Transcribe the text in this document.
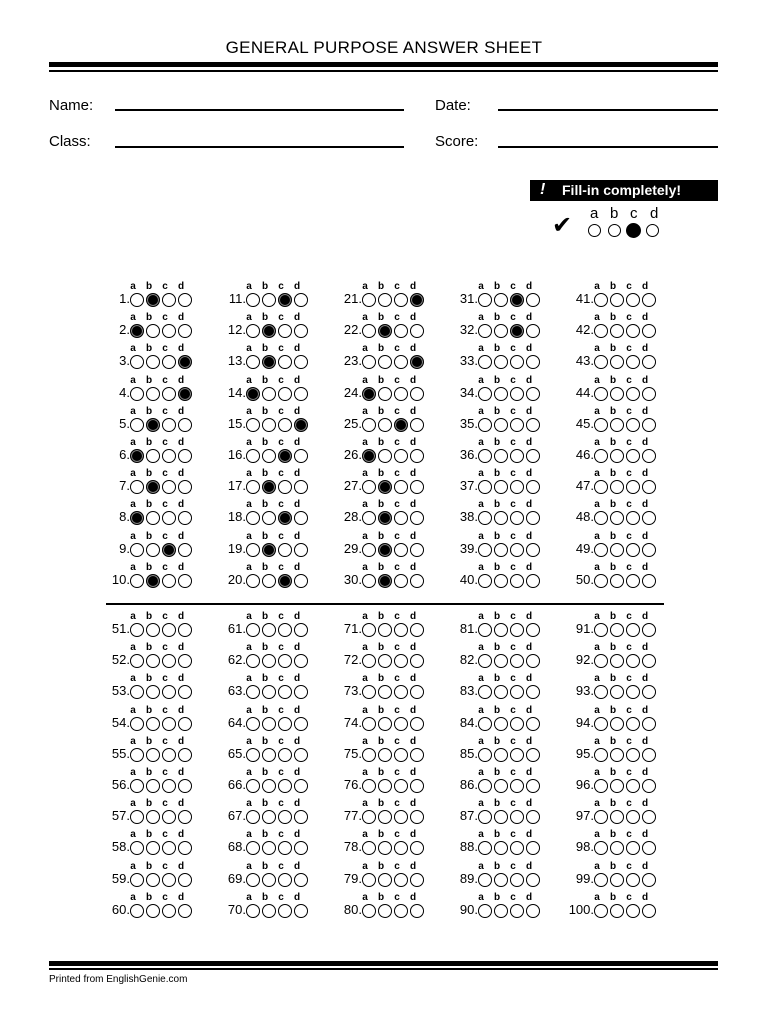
GENERAL PURPOSE ANSWER SHEET
Name:	Date:
Class:	Score:
! Fill-in completely!
✔ a b c d
a b c d
1.
a b c d
2.
a b c d
3.
a b c d
4.
a b c d
5.
a b c d
6.
a b c d
7.
a b c d
8.
a b c d
9.
a b c d
10.
a b c d
11.
a b c d
12.
a b c d
13.
a b c d
14.
a b c d
15.
a b c d
16.
a b c d
17.
a b c d
18.
a b c d
19.
a b c d
20.
a b c d
21.
a b c d
22.
a b c d
23.
a b c d
24.
a b c d
25.
a b c d
26.
a b c d
27.
a b c d
28.
a b c d
29.
a b c d
30.
a b c d
31.
a b c d
32.
a b c d
33.
a b c d
34.
a b c d
35.
a b c d
36.
a b c d
37.
a b c d
38.
a b c d
39.
a b c d
40.
a b c d
41.
a b c d
42.
a b c d
43.
a b c d
44.
a b c d
45.
a b c d
46.
a b c d
47.
a b c d
48.
a b c d
49.
a b c d
50.
a b c d
51.
a b c d
52.
a b c d
53.
a b c d
54.
a b c d
55.
a b c d
56.
a b c d
57.
a b c d
58.
a b c d
59.
a b c d
60.
a b c d
61.
a b c d
62.
a b c d
63.
a b c d
64.
a b c d
65.
a b c d
66.
a b c d
67.
a b c d
68.
a b c d
69.
a b c d
70.
a b c d
71.
a b c d
72.
a b c d
73.
a b c d
74.
a b c d
75.
a b c d
76.
a b c d
77.
a b c d
78.
a b c d
79.
a b c d
80.
a b c d
81.
a b c d
82.
a b c d
83.
a b c d
84.
a b c d
85.
a b c d
86.
a b c d
87.
a b c d
88.
a b c d
89.
a b c d
90.
a b c d
91.
a b c d
92.
a b c d
93.
a b c d
94.
a b c d
95.
a b c d
96.
a b c d
97.
a b c d
98.
a b c d
99.
a b c d
100.
Printed from EnglishGenie.com
